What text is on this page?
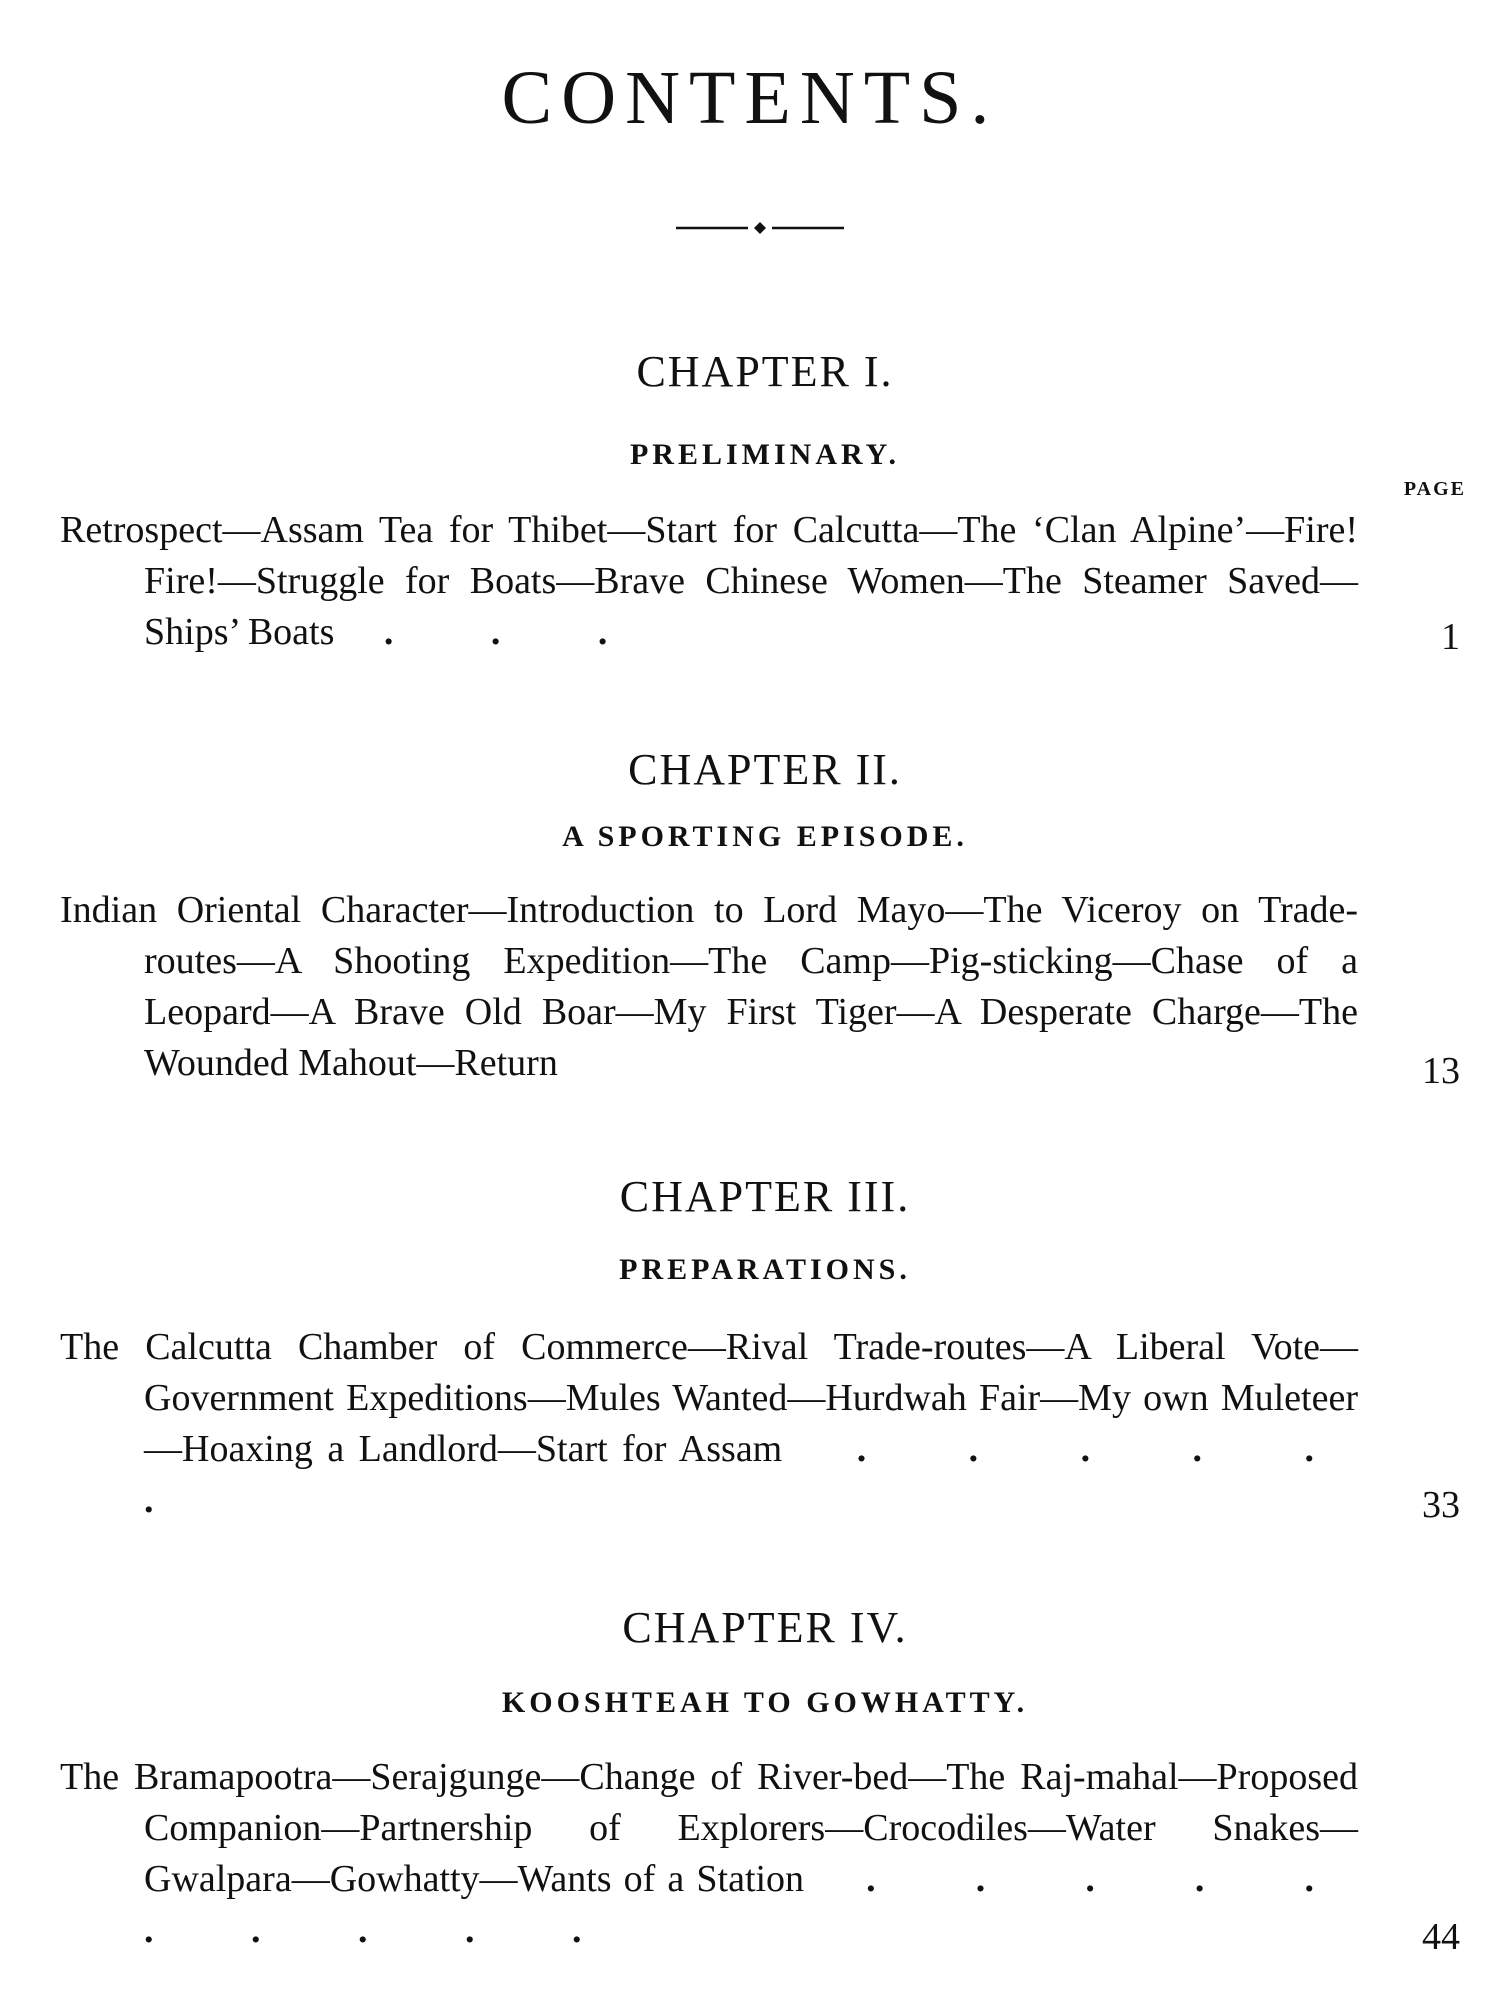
CONTENTS.
PAGE
CHAPTER I.
PRELIMINARY.
Retrospect—Assam Tea for Thibet—Start for Calcutta—The ‘Clan Alpine’—Fire! Fire!—Struggle for Boats—Brave Chinese Women—The Steamer Saved—Ships’ Boats . . .	1
CHAPTER II.
A SPORTING EPISODE.
Indian Oriental Character—Introduction to Lord Mayo—The Viceroy on Trade-routes—A Shooting Expedition—The Camp—Pig-sticking—Chase of a Leopard—A Brave Old Boar—My First Tiger—A Desperate Charge—The Wounded Mahout—Return	13
CHAPTER III.
PREPARATIONS.
The Calcutta Chamber of Commerce—Rival Trade-routes—A Liberal Vote—Government Expeditions—Mules Wanted—Hurdwah Fair—My own Muleteer—Hoaxing a Landlord—Start for Assam . . . . . .	33
CHAPTER IV.
KOOSHTEAH TO GOWHATTY.
The Bramapootra—Serajgunge—Change of River-bed—The Raj-mahal—Proposed Companion—Partnership of Explorers—Crocodiles—Water Snakes—Gwalpara—Gowhatty—Wants of a Station . . . . . . . . . .	44
